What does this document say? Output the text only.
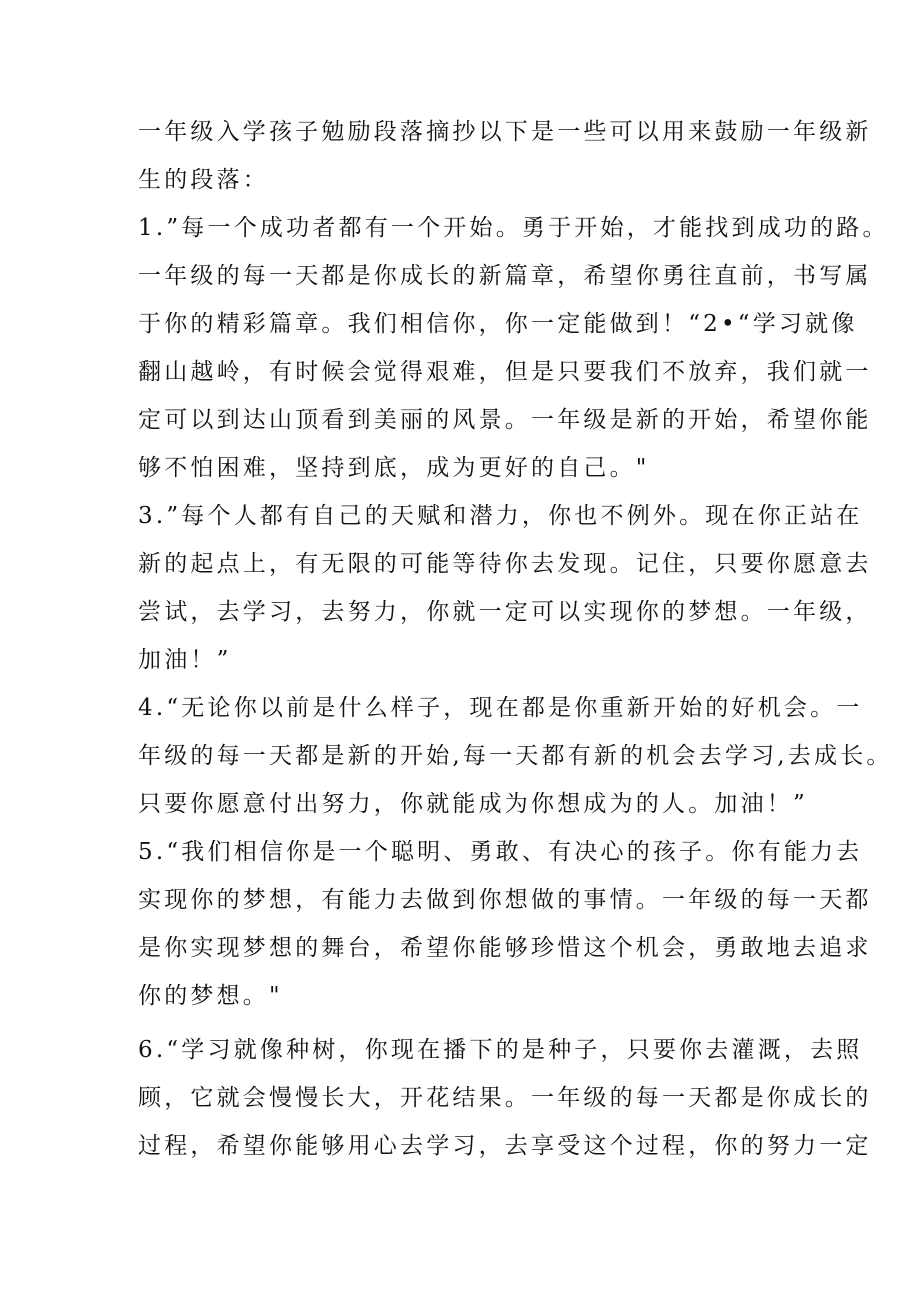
一年级入学孩子勉励段落摘抄以下是一些可以用来鼓励一年级新
生的段落：
1.”每一个成功者都有一个开始。勇于开始，才能找到成功的路。
一年级的每一天都是你成长的新篇章，希望你勇往直前，书写属
于你的精彩篇章。我们相信你，你一定能做到！“2•“学习就像
翻山越岭，有时候会觉得艰难，但是只要我们不放弃，我们就一
定可以到达山顶看到美丽的风景。一年级是新的开始，希望你能
够不怕困难，坚持到底，成为更好的自己。"
3.”每个人都有自己的天赋和潜力，你也不例外。现在你正站在
新的起点上，有无限的可能等待你去发现。记住，只要你愿意去
尝试，去学习，去努力，你就一定可以实现你的梦想。一年级，
加油！”
4.“无论你以前是什么样子，现在都是你重新开始的好机会。一
年级的每一天都是新的开始,每一天都有新的机会去学习,去成长。
只要你愿意付出努力，你就能成为你想成为的人。加油！”
5.“我们相信你是一个聪明、勇敢、有决心的孩子。你有能力去
实现你的梦想，有能力去做到你想做的事情。一年级的每一天都
是你实现梦想的舞台，希望你能够珍惜这个机会，勇敢地去追求
你的梦想。"
6.“学习就像种树，你现在播下的是种子，只要你去灌溉，去照
顾，它就会慢慢长大，开花结果。一年级的每一天都是你成长的
过程，希望你能够用心去学习，去享受这个过程，你的努力一定
